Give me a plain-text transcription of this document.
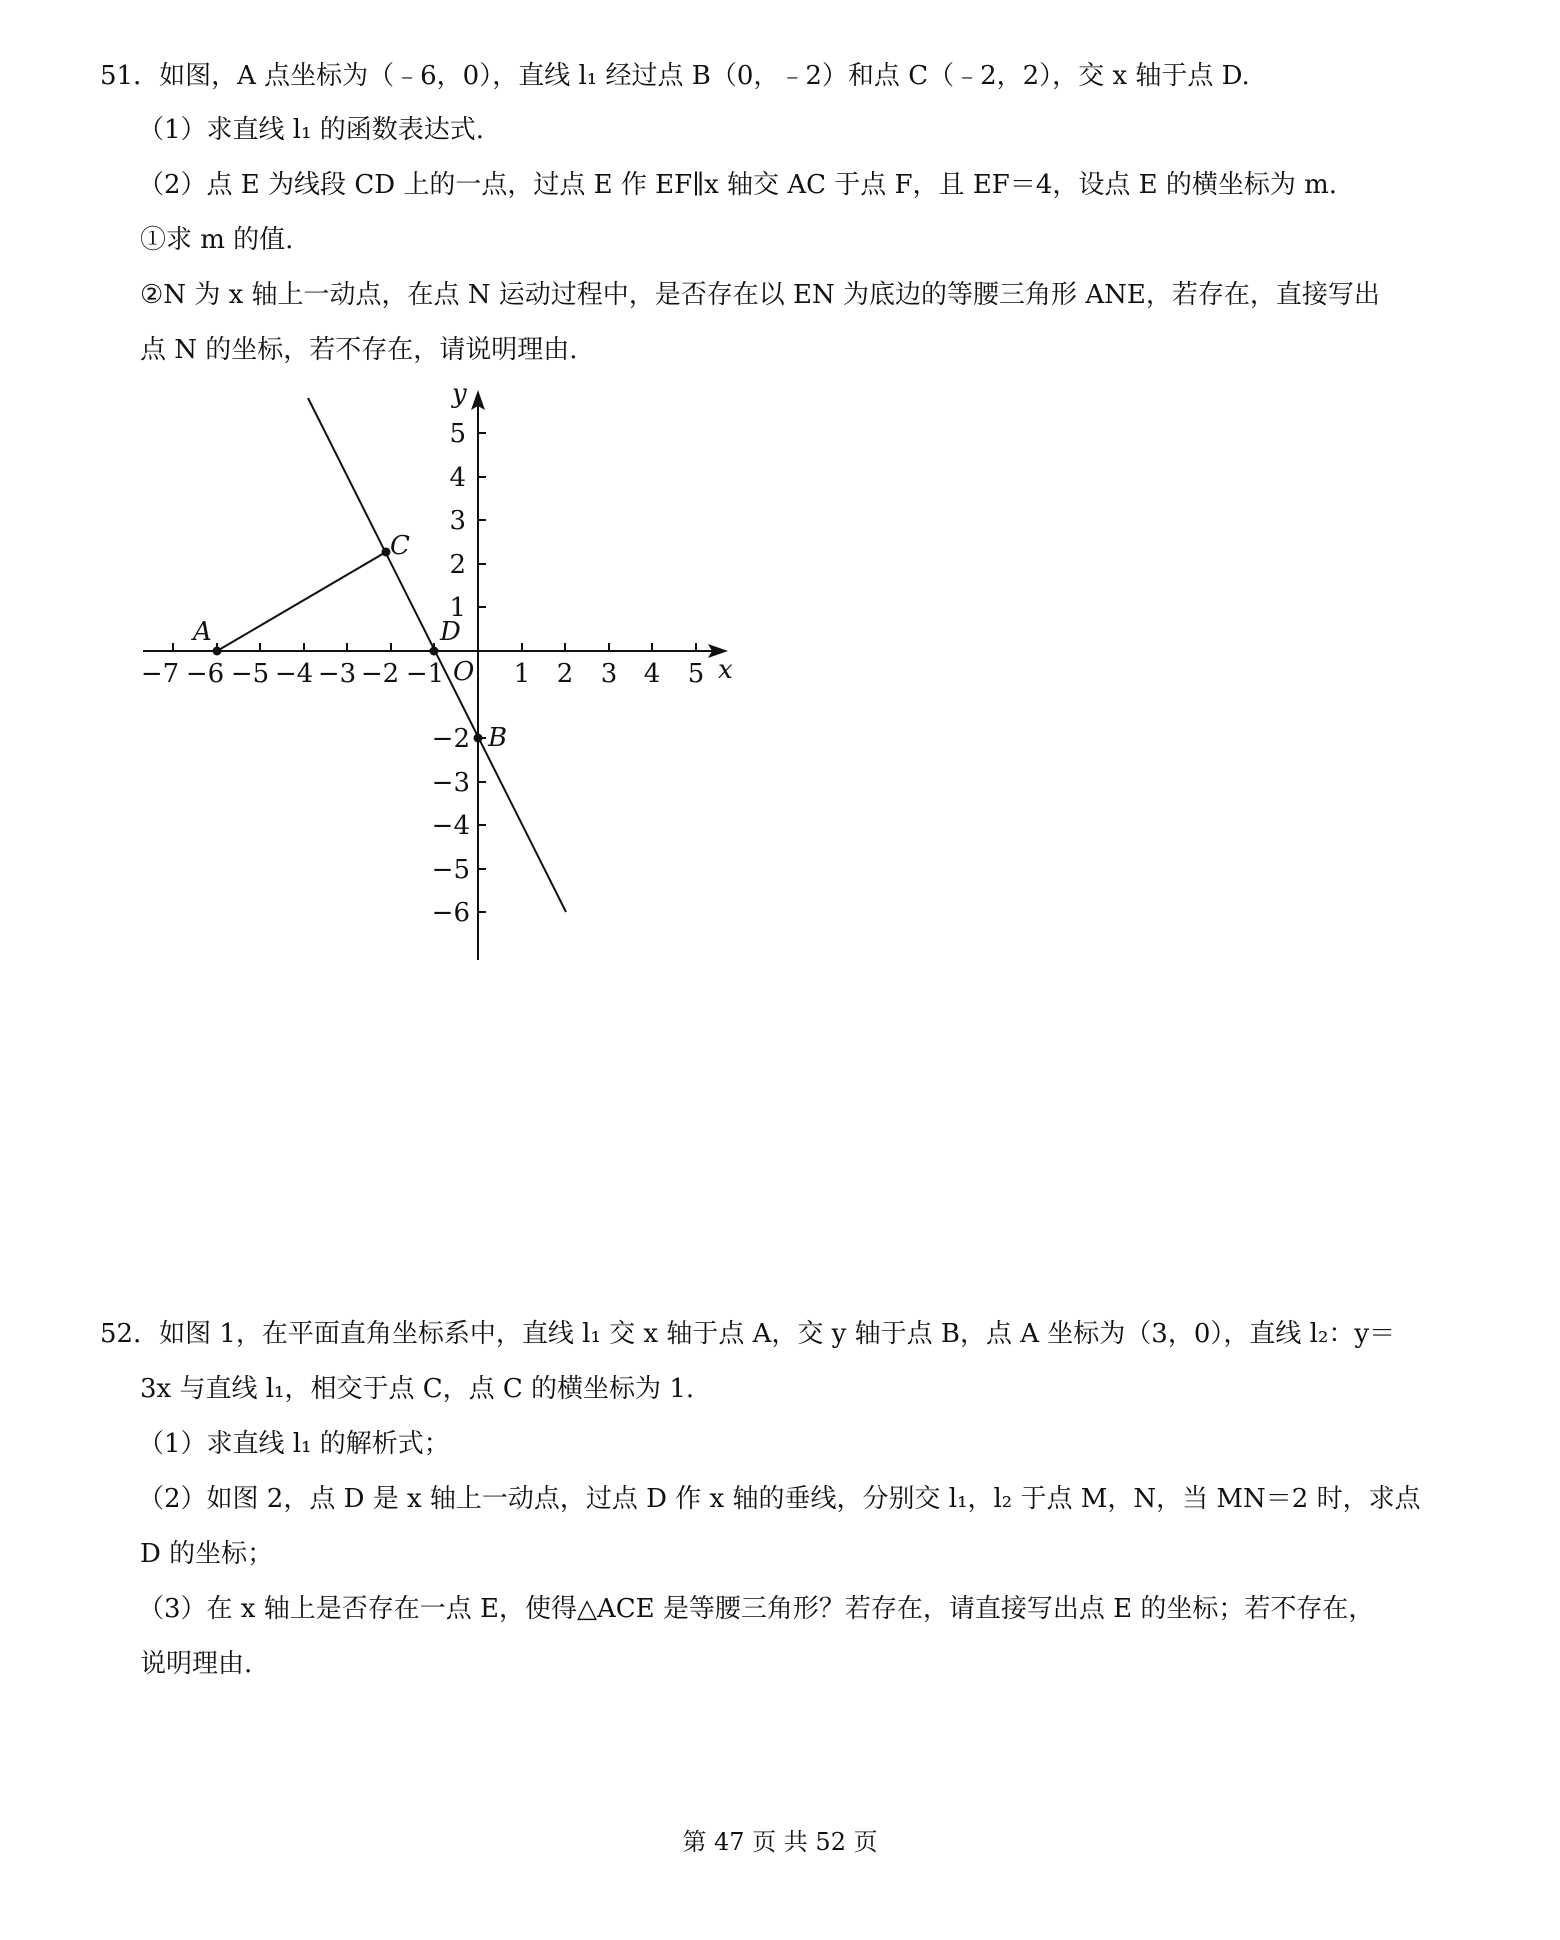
51．如图，A 点坐标为（﹣6，0），直线 l₁ 经过点 B（0，﹣2）和点 C（﹣2，2），交 x 轴于点 D.
（1）求直线 l₁ 的函数表达式.
（2）点 E 为线段 CD 上的一点，过点 E 作 EF∥x 轴交 AC 于点 F，且 EF＝4，设点 E 的横坐标为 m.
①求 m 的值.
②N 为 x 轴上一动点，在点 N 运动过程中，是否存在以 EN 为底边的等腰三角形 ANE，若存在，直接写出
点 N 的坐标，若不存在，请说明理由.
−7 −6 −5 −4 −3 −2 −1	1 2 3 4 5
5
4
3
2
1
−2
−3
−4
−5
−6
x
y
O
A
C
D
B
52．如图 1，在平面直角坐标系中，直线 l₁ 交 x 轴于点 A，交 y 轴于点 B，点 A 坐标为（3，0），直线 l₂：y＝
3x 与直线 l₁，相交于点 C，点 C 的横坐标为 1.
（1）求直线 l₁ 的解析式；
（2）如图 2，点 D 是 x 轴上一动点，过点 D 作 x 轴的垂线，分别交 l₁，l₂ 于点 M，N，当 MN＝2 时，求点
D 的坐标；
（3）在 x 轴上是否存在一点 E，使得△ACE 是等腰三角形？若存在，请直接写出点 E 的坐标；若不存在，
说明理由.
第 47 页 共 52 页
